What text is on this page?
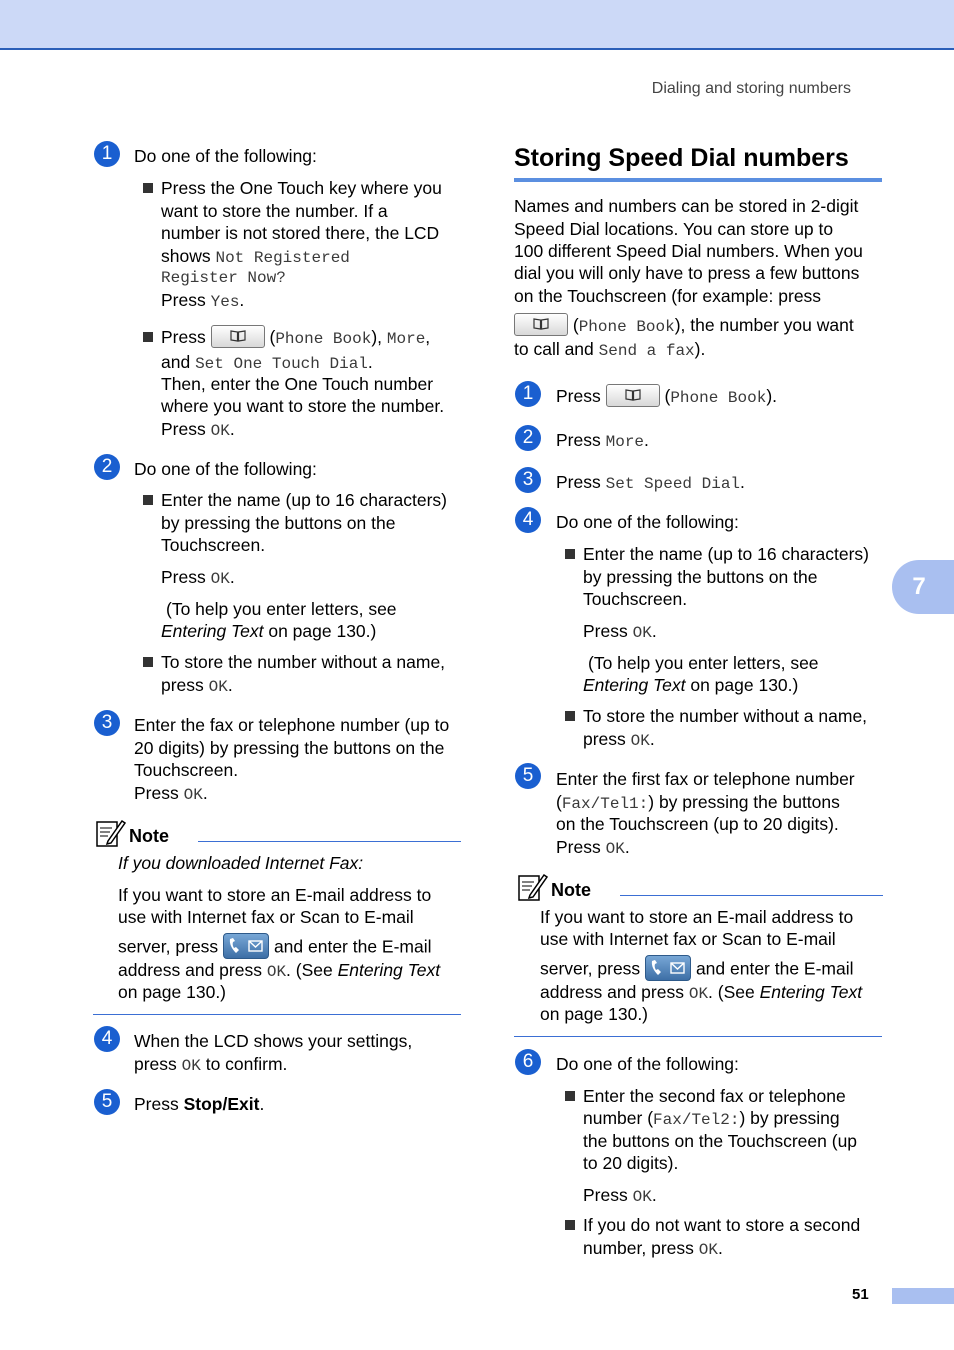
Dialing and storing numbers
7
51
1	Do one of the following:
Press the One Touch key where you
want to store the number. If a
number is not stored there, the LCD
shows Not Registered
Register Now?
Press Yes.
Press	(Phone Book), More,
and Set One Touch Dial.
Then, enter the One Touch number
where you want to store the number.
Press OK.
2	Do one of the following:
Enter the name (up to 16 characters)
by pressing the buttons on the
Touchscreen.
Press OK.
(To help you enter letters, see
Entering Text on page 130.)
To store the number without a name,
press OK.
3	Enter the fax or telephone number (up to
20 digits) by pressing the buttons on the
Touchscreen.
Press OK.
Note
If you downloaded Internet Fax:
If you want to store an E-mail address to
use with Internet fax or Scan to E-mail
server, press	and enter the E-mail
address and press OK. (See Entering Text
on page 130.)
4	When the LCD shows your settings,
press OK to confirm.
5	Press Stop/Exit.
Storing Speed Dial numbers
Names and numbers can be stored in 2-digit
Speed Dial locations. You can store up to
100 different Speed Dial numbers. When you
dial you will only have to press a few buttons
on the Touchscreen (for example: press
(Phone Book), the number you want
to call and Send a fax).
1	Press	(Phone Book).
2	Press More.
3	Press Set Speed Dial.
4	Do one of the following:
Enter the name (up to 16 characters)
by pressing the buttons on the
Touchscreen.
Press OK.
(To help you enter letters, see
Entering Text on page 130.)
To store the number without a name,
press OK.
5	Enter the first fax or telephone number
(Fax/Tel1:) by pressing the buttons
on the Touchscreen (up to 20 digits).
Press OK.
Note
If you want to store an E-mail address to
use with Internet fax or Scan to E-mail
server, press	and enter the E-mail
address and press OK. (See Entering Text
on page 130.)
6	Do one of the following:
Enter the second fax or telephone
number (Fax/Tel2:) by pressing
the buttons on the Touchscreen (up
to 20 digits).
Press OK.
If you do not want to store a second
number, press OK.
